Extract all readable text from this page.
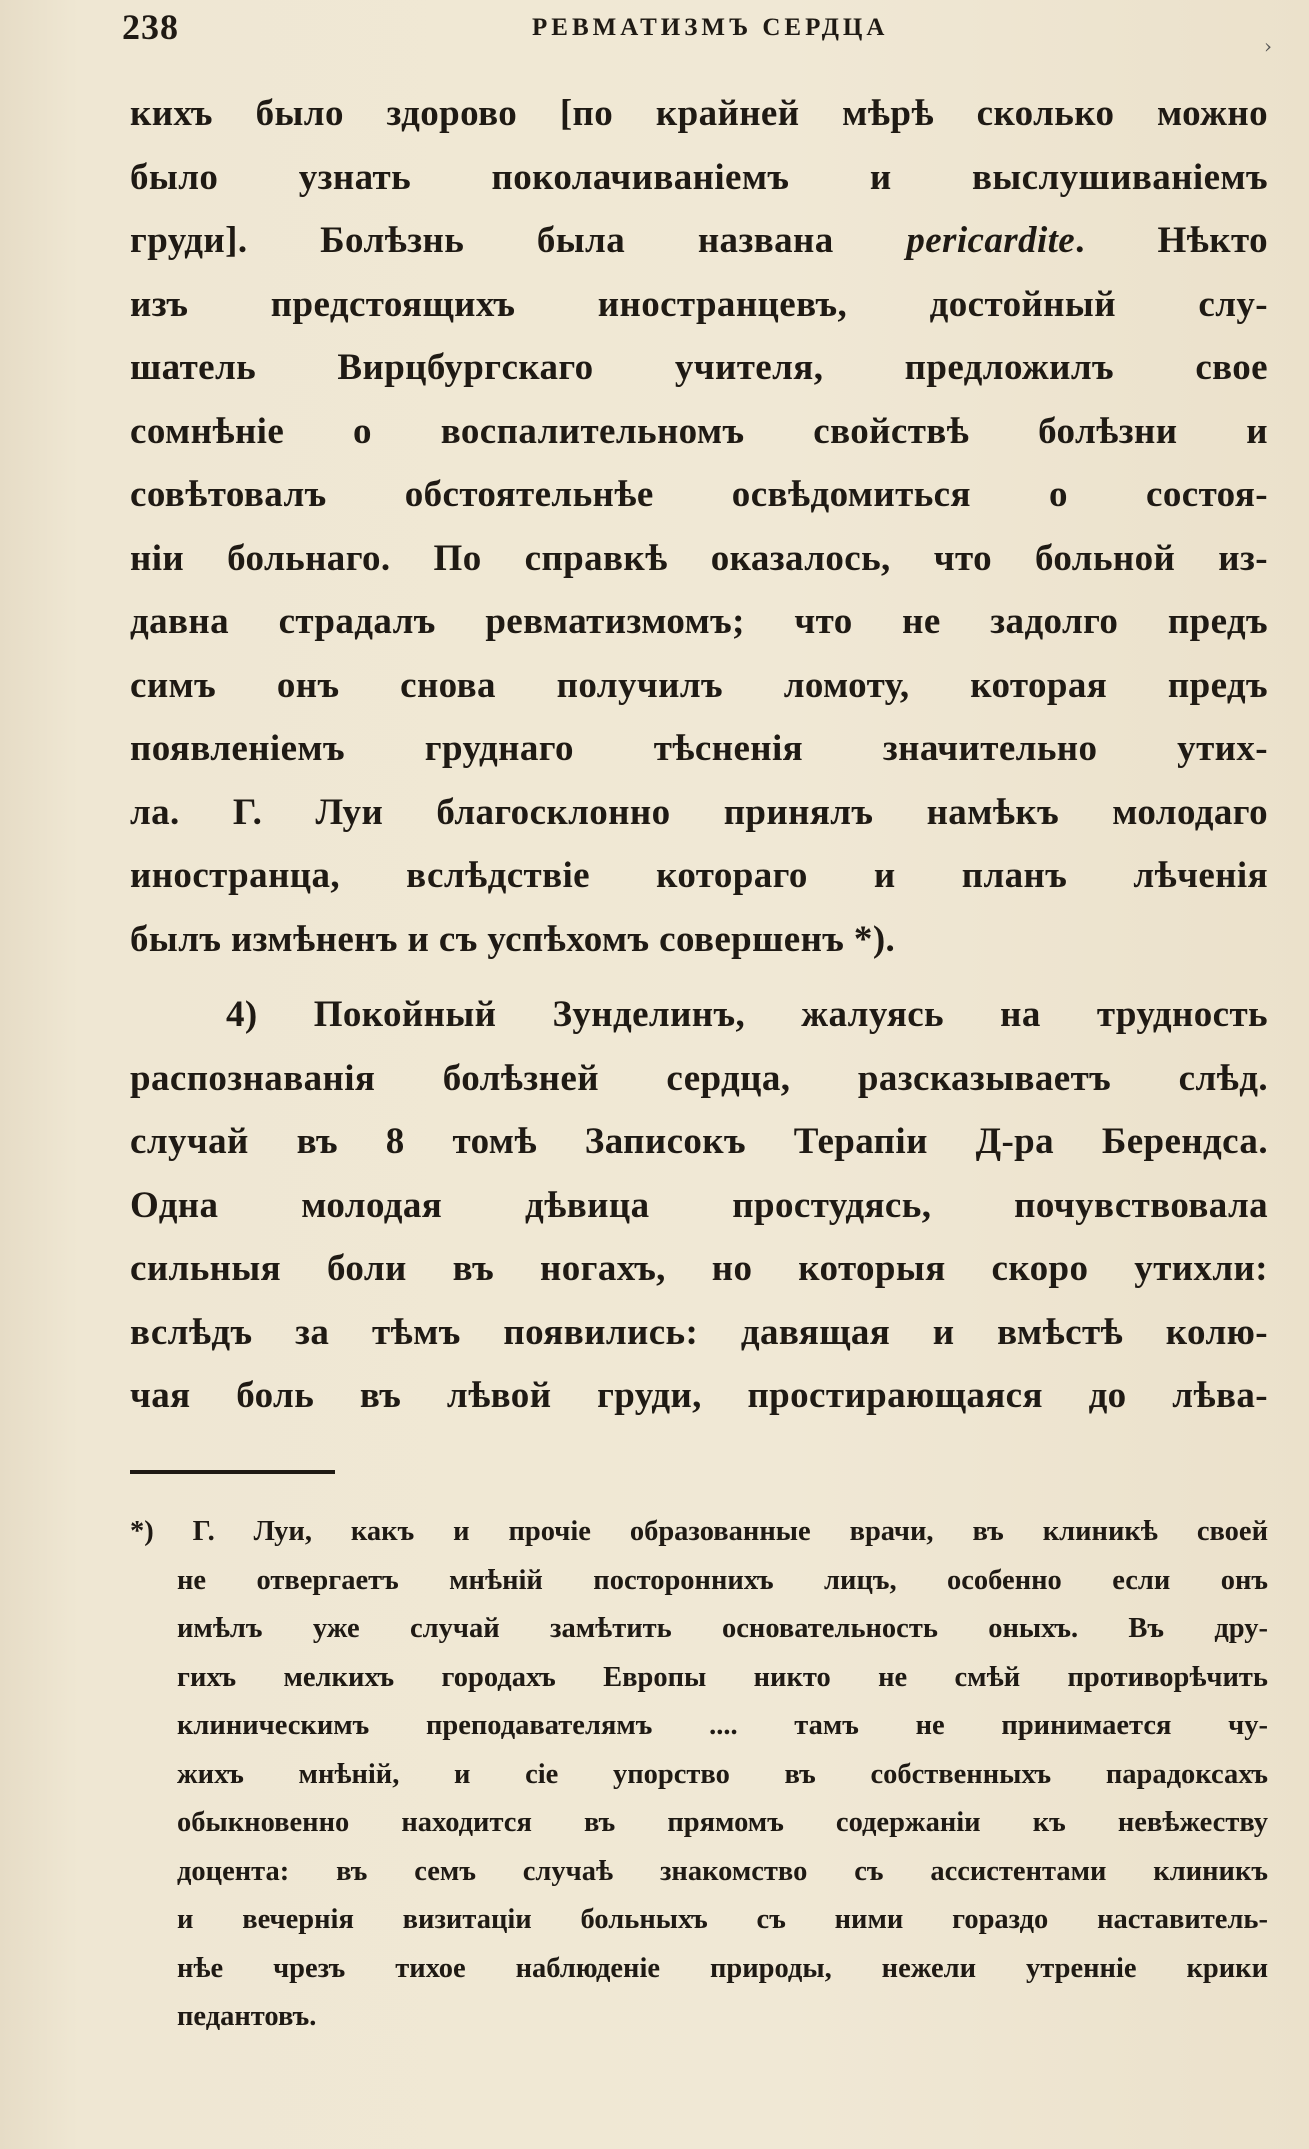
238	РЕВМАТИЗМЪ СЕРДЦА
›
кихъ было здорово [по крайней мѣрѣ сколько можно
было узнать поколачиваніемъ и выслушиваніемъ
груди]. Болѣзнь была названа pericardite. Нѣкто
изъ предстоящихъ иностранцевъ, достойный слу-
шатель Вирцбургскаго учителя, предложилъ свое
сомнѣніе о воспалительномъ свойствѣ болѣзни и
совѣтовалъ обстоятельнѣе освѣдомиться о состоя-
ніи больнаго. По справкѣ оказалось, что больной из-
давна страдалъ ревматизмомъ; что не задолго предъ
симъ онъ снова получилъ ломоту, которая предъ
появленіемъ груднаго тѣсненія значительно утих-
ла. Г. Луи благосклонно принялъ намѣкъ молодаго
иностранца, вслѣдствіе котораго и планъ лѣченія
былъ измѣненъ и съ успѣхомъ совершенъ *).
4) Покойный Зунделинъ, жалуясь на трудность
распознаванія болѣзней сердца, разсказываетъ слѣд.
случай въ 8 томѣ Записокъ Терапіи Д-ра Берендса.
Одна молодая дѣвица простудясь, почувствовала
сильныя боли въ ногахъ, но которыя скоро утихли:
вслѣдъ за тѣмъ появились: давящая и вмѣстѣ колю-
чая боль въ лѣвой груди, простирающаяся до лѣва-
*) Г. Луи, какъ и прочіе образованные врачи, въ клиникѣ своей
не отвергаетъ мнѣній постороннихъ лицъ, особенно если онъ
имѣлъ уже случай замѣтить основательность оныхъ. Въ дру-
гихъ мелкихъ городахъ Европы никто не смѣй противорѣчить
клиническимъ преподавателямъ .... тамъ не принимается чу-
жихъ мнѣній, и сіе упорство въ собственныхъ парадоксахъ
обыкновенно находится въ прямомъ содержаніи къ невѣжеству
доцента: въ семъ случаѣ знакомство съ ассистентами клиникъ
и вечернія визитаціи больныхъ съ ними гораздо наставитель-
нѣе чрезъ тихое наблюденіе природы, нежели утренніе крики
педантовъ.
